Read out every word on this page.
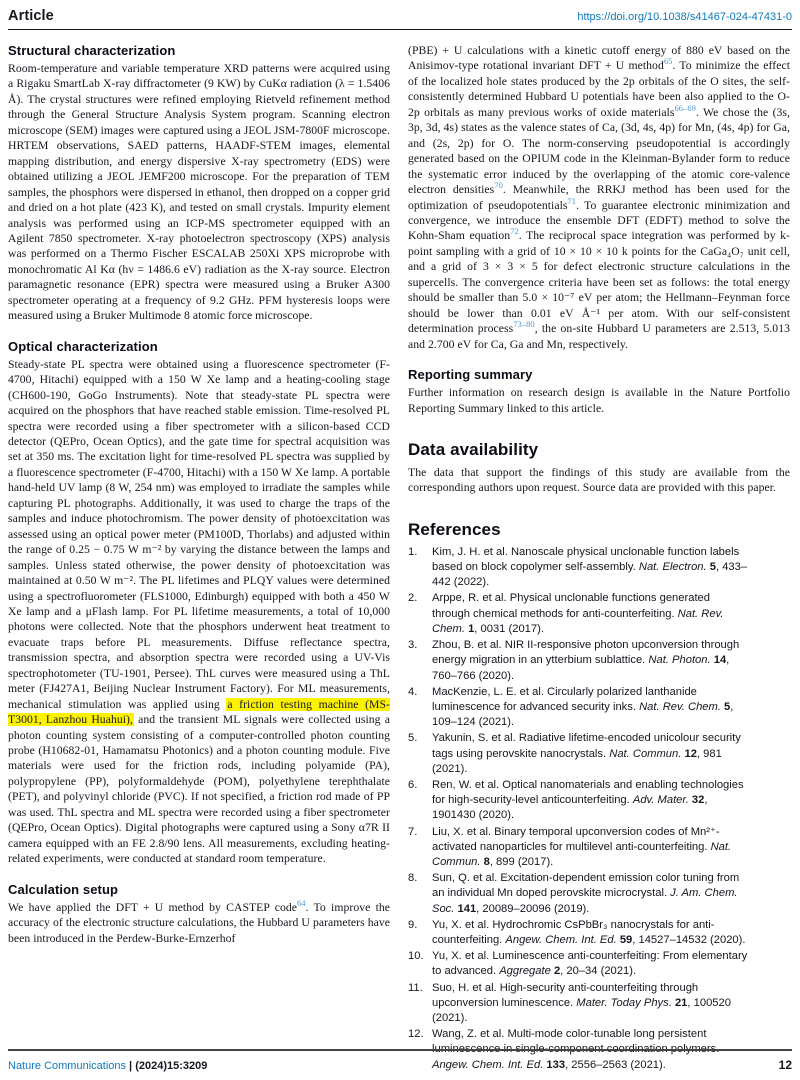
Article	https://doi.org/10.1038/s41467-024-47431-0
Structural characterization

Room-temperature and variable temperature XRD patterns were acquired using a Rigaku SmartLab X-ray diffractometer (9 KW) by CuKα radiation (λ = 1.5406 Å). The crystal structures were refined employing Rietveld refinement method through the General Structure Analysis System program. Scanning electron microscope (SEM) images were captured using a JEOL JSM-7800F microscope. HRTEM observations, SAED patterns, HAADF-STEM images, elemental mapping distribution, and energy dispersive X-ray spectrometry (EDS) were obtained utilizing a JEOL JEMF200 microscope. For the preparation of TEM samples, the phosphors were dispersed in ethanol, then dropped on a copper grid and dried on a hot plate (423 K), and tested on small crystals. Impurity element analysis was performed using an ICP-MS spectrometer equipped with an Agilent 7850 spectrometer. X-ray photoelectron spectroscopy (XPS) analysis was performed on a Thermo Fischer ESCALAB 250Xi XPS microprobe with monochromatic Al Kα (hν = 1486.6 eV) radiation as the X-ray source. Electron paramagnetic resonance (EPR) spectra were measured using a Bruker A300 spectrometer operating at a frequency of 9.2 GHz. PFM hysteresis loops were measured using a Bruker Multimode 8 atomic force microscope.

Optical characterization

Steady-state PL spectra were obtained using a fluorescence spectrometer (F-4700, Hitachi) equipped with a 150 W Xe lamp and a heating-cooling stage (CH600-190, GoGo Instruments). Note that steady-state PL spectra were acquired on the phosphors that have reached stable emission. Time-resolved PL spectra were recorded using a fiber spectrometer with a silicon-based CCD detector (QEPro, Ocean Optics), and the gate time for spectral acquisition was set at 350 ms. The excitation light for time-resolved PL spectra was supplied by a fluorescence spectrometer (F-4700, Hitachi) with a 150 W Xe lamp. A portable hand-held UV lamp (8 W, 254 nm) was employed to irradiate the samples while capturing PL photographs. Additionally, it was used to charge the traps of the samples and induce photochromism. The power density of photoexcitation was assessed using an optical power meter (PM100D, Thorlabs) and adjusted within the range of 0.25 − 0.75 W m⁻² by varying the distance between the lamps and samples. Unless stated otherwise, the power density of photoexcitation was maintained at 0.50 W m⁻². The PL lifetimes and PLQY values were determined using a spectrofluorometer (FLS1000, Edinburgh) equipped with both a 450 W Xe lamp and a μFlash lamp. For PL lifetime measurements, a total of 10,000 photons were collected. Note that the phosphors underwent heat treatment to evacuate traps before PL measurements. Diffuse reflectance spectra, transmission spectra, and absorption spectra were recorded using a UV-Vis spectrophotometer (TU-1901, Persee). ThL curves were measured using a ThL meter (FJ427A1, Beijing Nuclear Instrument Factory). For ML measurements, mechanical stimulation was applied using a friction testing machine (MS-T3001, Lanzhou Huahui), and the transient ML signals were collected using a photon counting system consisting of a computer-controlled photon counting probe (H10682-01, Hamamatsu Photonics) and a photon counting module. Five materials were used for the friction rods, including polyamide (PA), polypropylene (PP), polyformaldehyde (POM), polyethylene terephthalate (PET), and polyvinyl chloride (PVC). If not specified, a friction rod made of PP was used. ThL spectra and ML spectra were recorded using a fiber spectrometer (QEPro, Ocean Optics). Digital photographs were captured using a Sony α7R II camera equipped with an FE 2.8/90 lens. All measurements, excluding heating-related experiments, were conducted at standard room temperature.

Calculation setup

We have applied the DFT + U method by CASTEP code$^{64}$. To improve the accuracy of the electronic structure calculations, the Hubbard U parameters have been introduced in the Perdew-Burke-Ernzerhof

(PBE) + U calculations with a kinetic cutoff energy of 880 eV based on the Anisimov-type rotational invariant DFT + U method$^{65}$. To minimize the effect of the localized hole states produced by the 2p orbitals of the O sites, the self-consistently determined Hubbard U potentials have been also applied to the O-2p orbitals as many previous works of oxide materials$^{66-69}$. We chose the (3s, 3p, 3d, 4s) states as the valence states of Ca, (3d, 4s, 4p) for Mn, (4s, 4p) for Ga, and (2s, 2p) for O. The norm-conserving pseudopotential is accordingly generated based on the OPIUM code in the Kleinman-Bylander form to reduce the systematic error induced by the overlapping of the atomic core-valence electron densities$^{70}$. Meanwhile, the RRKJ method has been used for the optimization of pseudopotentials$^{71}$. To guarantee electronic minimization and convergence, we introduce the ensemble DFT (EDFT) method to solve the Kohn-Sham equation$^{72}$. The reciprocal space integration was performed by k-point sampling with a grid of 10 × 10 × 10 k points for the CaGa₄O₇ unit cell, and a grid of 3 × 3 × 5 for defect electronic structure calculations in the supercells. The convergence criteria have been set as follows: the total energy should be smaller than 5.0 × 10⁻⁷ eV per atom; the Hellmann–Feynman force should be lower than 0.01 eV Å⁻¹ per atom. With our self-consistent determination process$^{73-80}$, the on-site Hubbard U parameters are 2.513, 5.013 and 2.700 eV for Ca, Ga and Mn, respectively.

Reporting summary

Further information on research design is available in the Nature Portfolio Reporting Summary linked to this article.

Data availability

The data that support the findings of this study are available from the corresponding authors upon request. Source data are provided with this paper.

References
1.	Kim, J. H. et al. Nanoscale physical unclonable function labels based on block copolymer self-assembly. Nat. Electron. 5, 433–442 (2022).
2.	Arppe, R. et al. Physical unclonable functions generated through chemical methods for anti-counterfeiting. Nat. Rev. Chem. 1, 0031 (2017).
3.	Zhou, B. et al. NIR II-responsive photon upconversion through energy migration in an ytterbium sublattice. Nat. Photon. 14, 760–766 (2020).
4.	MacKenzie, L. E. et al. Circularly polarized lanthanide luminescence for advanced security inks. Nat. Rev. Chem. 5, 109–124 (2021).
5.	Yakunin, S. et al. Radiative lifetime-encoded unicolour security tags using perovskite nanocrystals. Nat. Commun. 12, 981 (2021).
6.	Ren, W. et al. Optical nanomaterials and enabling technologies for high-security-level anticounterfeiting. Adv. Mater. 32, 1901430 (2020).
7.	Liu, X. et al. Binary temporal upconversion codes of Mn²⁺-activated nanoparticles for multilevel anti-counterfeiting. Nat. Commun. 8, 899 (2017).
8.	Sun, Q. et al. Excitation-dependent emission color tuning from an individual Mn doped perovskite microcrystal. J. Am. Chem. Soc. 141, 20089–20096 (2019).
9.	Yu, X. et al. Hydrochromic CsPbBr₃ nanocrystals for anti-counterfeiting. Angew. Chem. Int. Ed. 59, 14527–14532 (2020).
10. Yu, X. et al. Luminescence anti-counterfeiting: From elementary to advanced. Aggregate 2, 20–34 (2021).
11. Suo, H. et al. High-security anti-counterfeiting through upconversion luminescence. Mater. Today Phys. 21, 100520 (2021).
12. Wang, Z. et al. Multi-mode color-tunable long persistent luminescence in single-component coordination polymers. Angew. Chem. Int. Ed. 133, 2556–2563 (2021).
Nature Communications | (2024)15:3209	12
